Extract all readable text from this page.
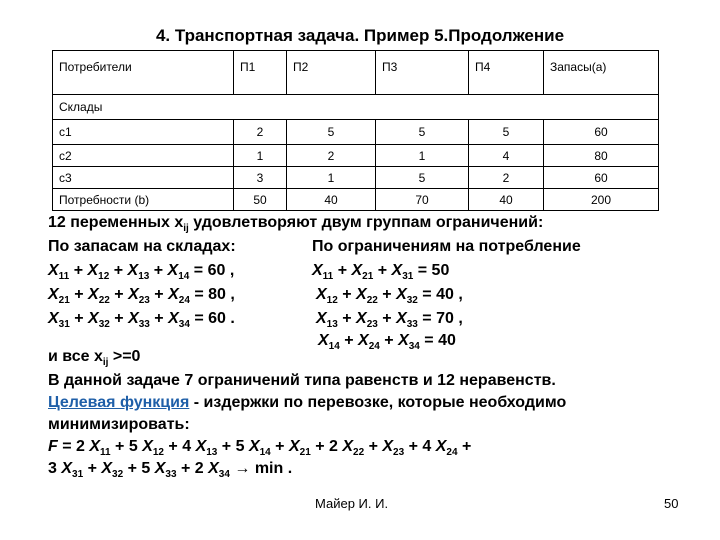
4. Транспортная задача. Пример 5.Продолжение
Потребители	П1	П2	П3	П4	Запасы(a)
Склады					
с1	2	5	5	5	60
с2	1	2	1	4	80
с3	3	1	5	2	60
Потребности (b)	50	40	70	40	200
12 переменных $x_{ij}$ удовлетворяют двум группам ограничений:
По запасам на складах:	По ограничениям на потребление
$X_{11} + X_{12} + X_{13} + X_{14} = 60$ ,
$X_{21} + X_{22} + X_{23} + X_{24} = 80$ ,
$X_{31} + X_{32} + X_{33} + X_{34} = 60$ .
$X_{11} + X_{21} + X_{31} = 50$
$X_{12} + X_{22} + X_{32} = 40$ ,
$X_{13} + X_{23} + X_{33} = 70$ ,
$X_{14} + X_{24} + X_{34} = 40$
и все $x_{ij} >=0$
В данной задаче 7 ограничений типа равенств и 12 неравенств.
Целевая функция - издержки по перевозке, которые необходимо
минимизировать:
F = 2 $X_{11} + 5$ $X_{12} + 4$ $X_{13} + 5$ $X_{14} + X_{21} + 2$ $X_{22} + X_{23} + 4$ $X_{24}$ +
3 $X_{31} + X_{32} + 5$ $X_{33} + 2$ $X_{34} \to \min$ .
Майер И. И.	50
